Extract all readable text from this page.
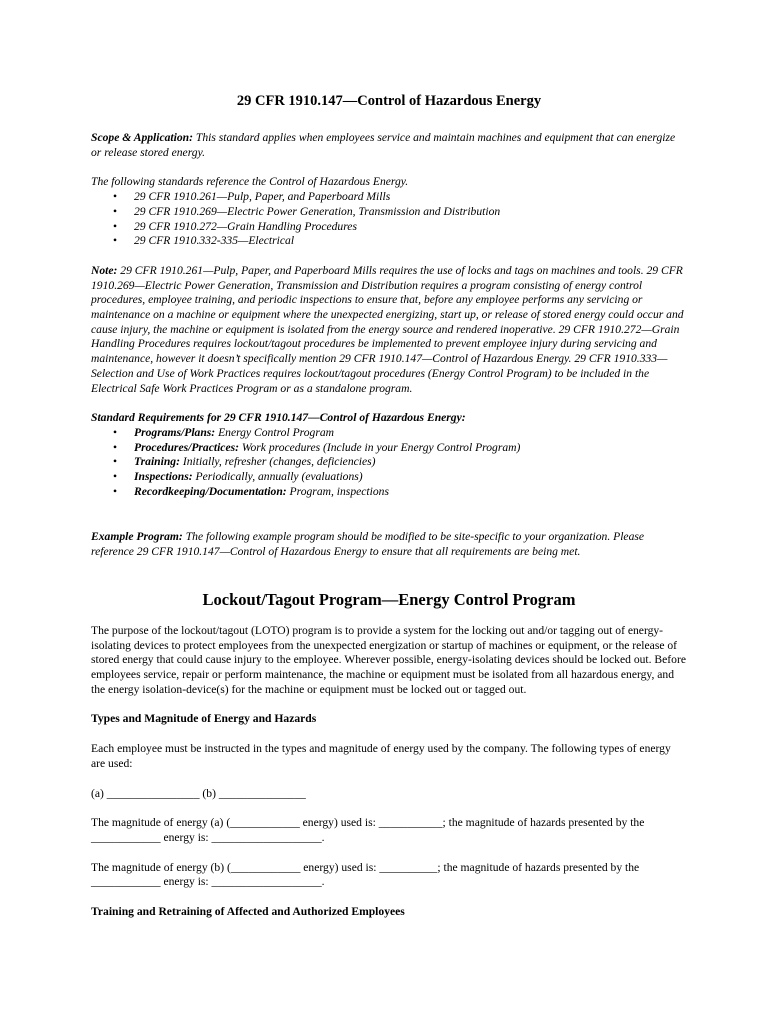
29 CFR 1910.147—Control of Hazardous Energy

Scope & Application: This standard applies when employees service and maintain machines and equipment that can energize or release stored energy.

The following standards reference the Control of Hazardous Energy.

• 29 CFR 1910.261—Pulp, Paper, and Paperboard Mills
• 29 CFR 1910.269—Electric Power Generation, Transmission and Distribution
• 29 CFR 1910.272—Grain Handling Procedures
• 29 CFR 1910.332-335—Electrical

Note: 29 CFR 1910.261—Pulp, Paper, and Paperboard Mills requires the use of locks and tags on machines and tools. 29 CFR 1910.269—Electric Power Generation, Transmission and Distribution requires a program consisting of energy control procedures, employee training, and periodic inspections to ensure that, before any employee performs any servicing or maintenance on a machine or equipment where the unexpected energizing, start up, or release of stored energy could occur and cause injury, the machine or equipment is isolated from the energy source and rendered inoperative. 29 CFR 1910.272—Grain Handling Procedures requires lockout/tagout procedures be implemented to prevent employee injury during servicing and maintenance, however it doesn’t specifically mention 29 CFR 1910.147—Control of Hazardous Energy. 29 CFR 1910.333—Selection and Use of Work Practices requires lockout/tagout procedures (Energy Control Program) to be included in the Electrical Safe Work Practices Program or as a standalone program.

Standard Requirements for 29 CFR 1910.147—Control of Hazardous Energy:

• Programs/Plans: Energy Control Program
• Procedures/Practices: Work procedures (Include in your Energy Control Program)
• Training: Initially, refresher (changes, deficiencies)
• Inspections: Periodically, annually (evaluations)
• Recordkeeping/Documentation: Program, inspections

Example Program: The following example program should be modified to be site-specific to your organization. Please reference 29 CFR 1910.147—Control of Hazardous Energy to ensure that all requirements are being met.

Lockout/Tagout Program—Energy Control Program

The purpose of the lockout/tagout (LOTO) program is to provide a system for the locking out and/or tagging out of energy-isolating devices to protect employees from the unexpected energization or startup of machines or equipment, or the release of stored energy that could cause injury to the employee. Wherever possible, energy-isolating devices should be locked out. Before employees service, repair or perform maintenance, the machine or equipment must be isolated from all hazardous energy, and the energy isolation-device(s) for the machine or equipment must be locked out or tagged out.

Types and Magnitude of Energy and Hazards

Each employee must be instructed in the types and magnitude of energy used by the company. The following types of energy are used:

(a) ________________ (b) _______________

The magnitude of energy (a) (____________ energy) used is: ___________; the magnitude of hazards presented by the ____________ energy is: ___________________.

The magnitude of energy (b) (____________ energy) used is: __________; the magnitude of hazards presented by the ____________ energy is: ___________________.

Training and Retraining of Affected and Authorized Employees
